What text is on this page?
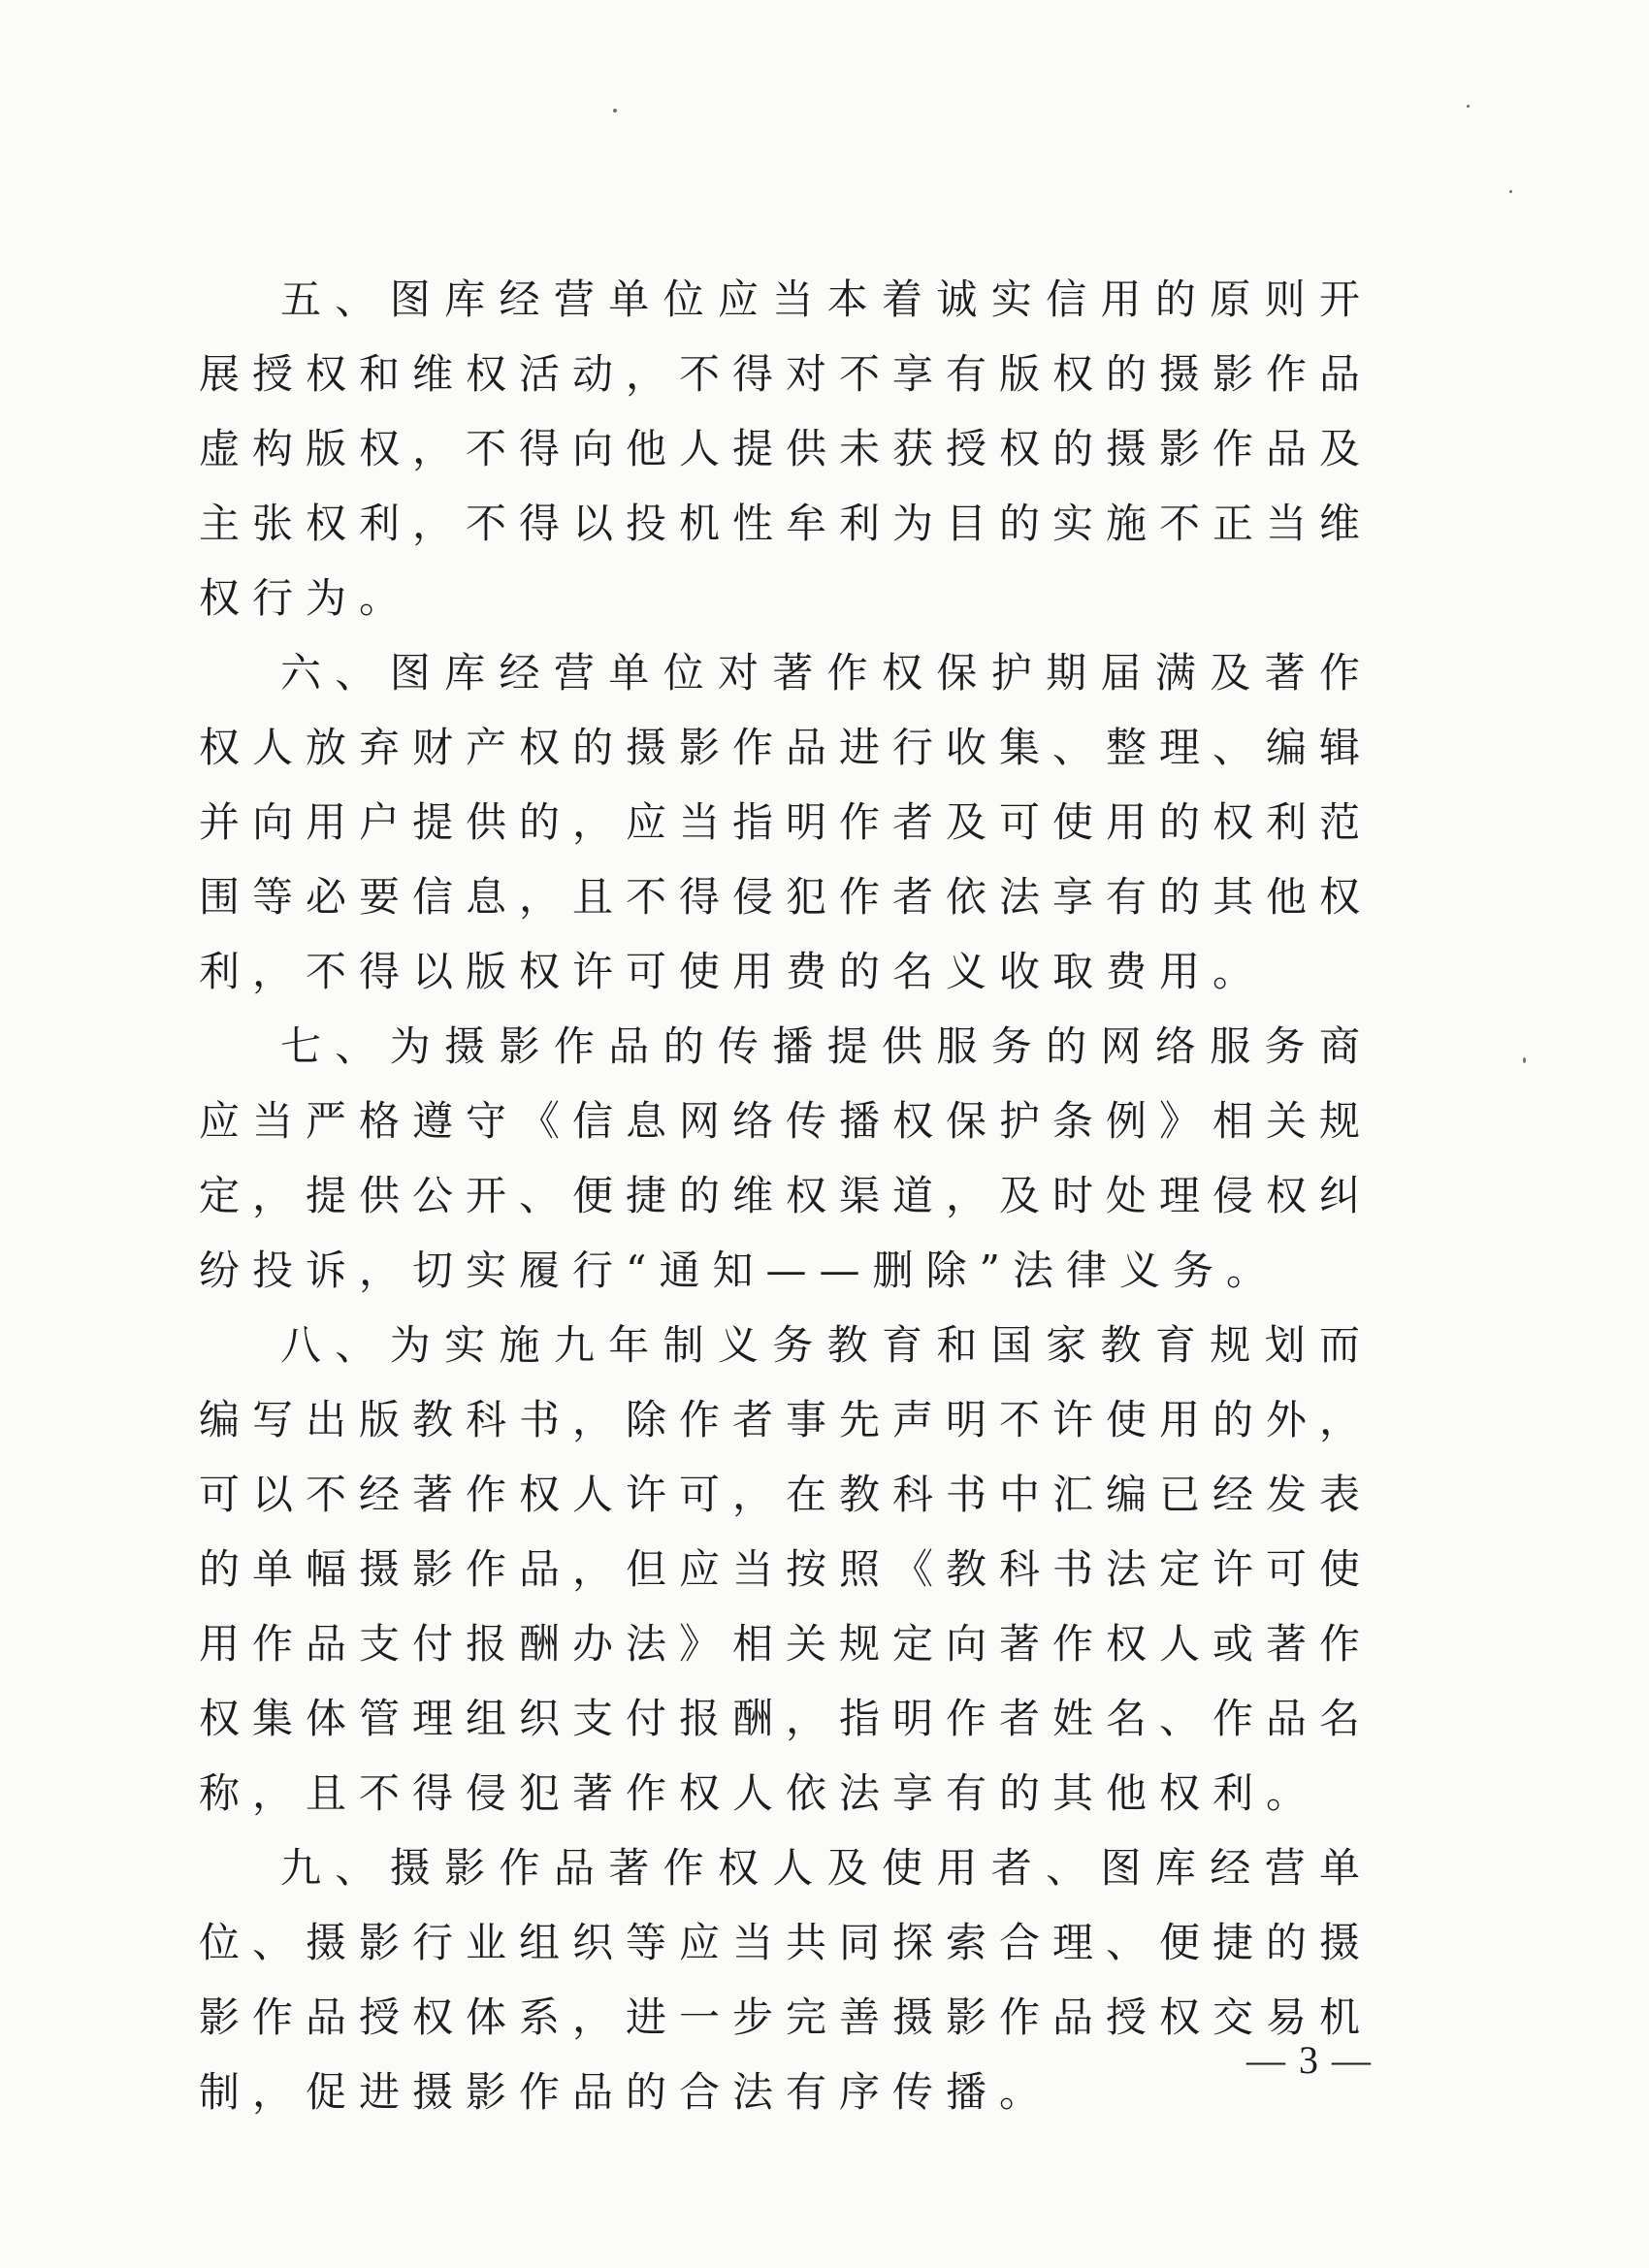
五、图库经营单位应当本着诚实信用的原则开展授权和维权活动，不得对不享有版权的摄影作品虚构版权，不得向他人提供未获授权的摄影作品及主张权利，不得以投机性牟利为目的实施不正当维权行为。

六、图库经营单位对著作权保护期届满及著作权人放弃财产权的摄影作品进行收集、整理、编辑并向用户提供的，应当指明作者及可使用的权利范围等必要信息，且不得侵犯作者依法享有的其他权利，不得以版权许可使用费的名义收取费用。

七、为摄影作品的传播提供服务的网络服务商应当严格遵守《信息网络传播权保护条例》相关规定，提供公开、便捷的维权渠道，及时处理侵权纠纷投诉，切实履行“通知——删除”法律义务。

八、为实施九年制义务教育和国家教育规划而编写出版教科书，除作者事先声明不许使用的外，可以不经著作权人许可，在教科书中汇编已经发表的单幅摄影作品，但应当按照《教科书法定许可使用作品支付报酬办法》相关规定向著作权人或著作权集体管理组织支付报酬，指明作者姓名、作品名称，且不得侵犯著作权人依法享有的其他权利。

九、摄影作品著作权人及使用者、图库经营单位、摄影行业组织等应当共同探索合理、便捷的摄影作品授权体系，进一步完善摄影作品授权交易机制，促进摄影作品的合法有序传播。

— 3 —
